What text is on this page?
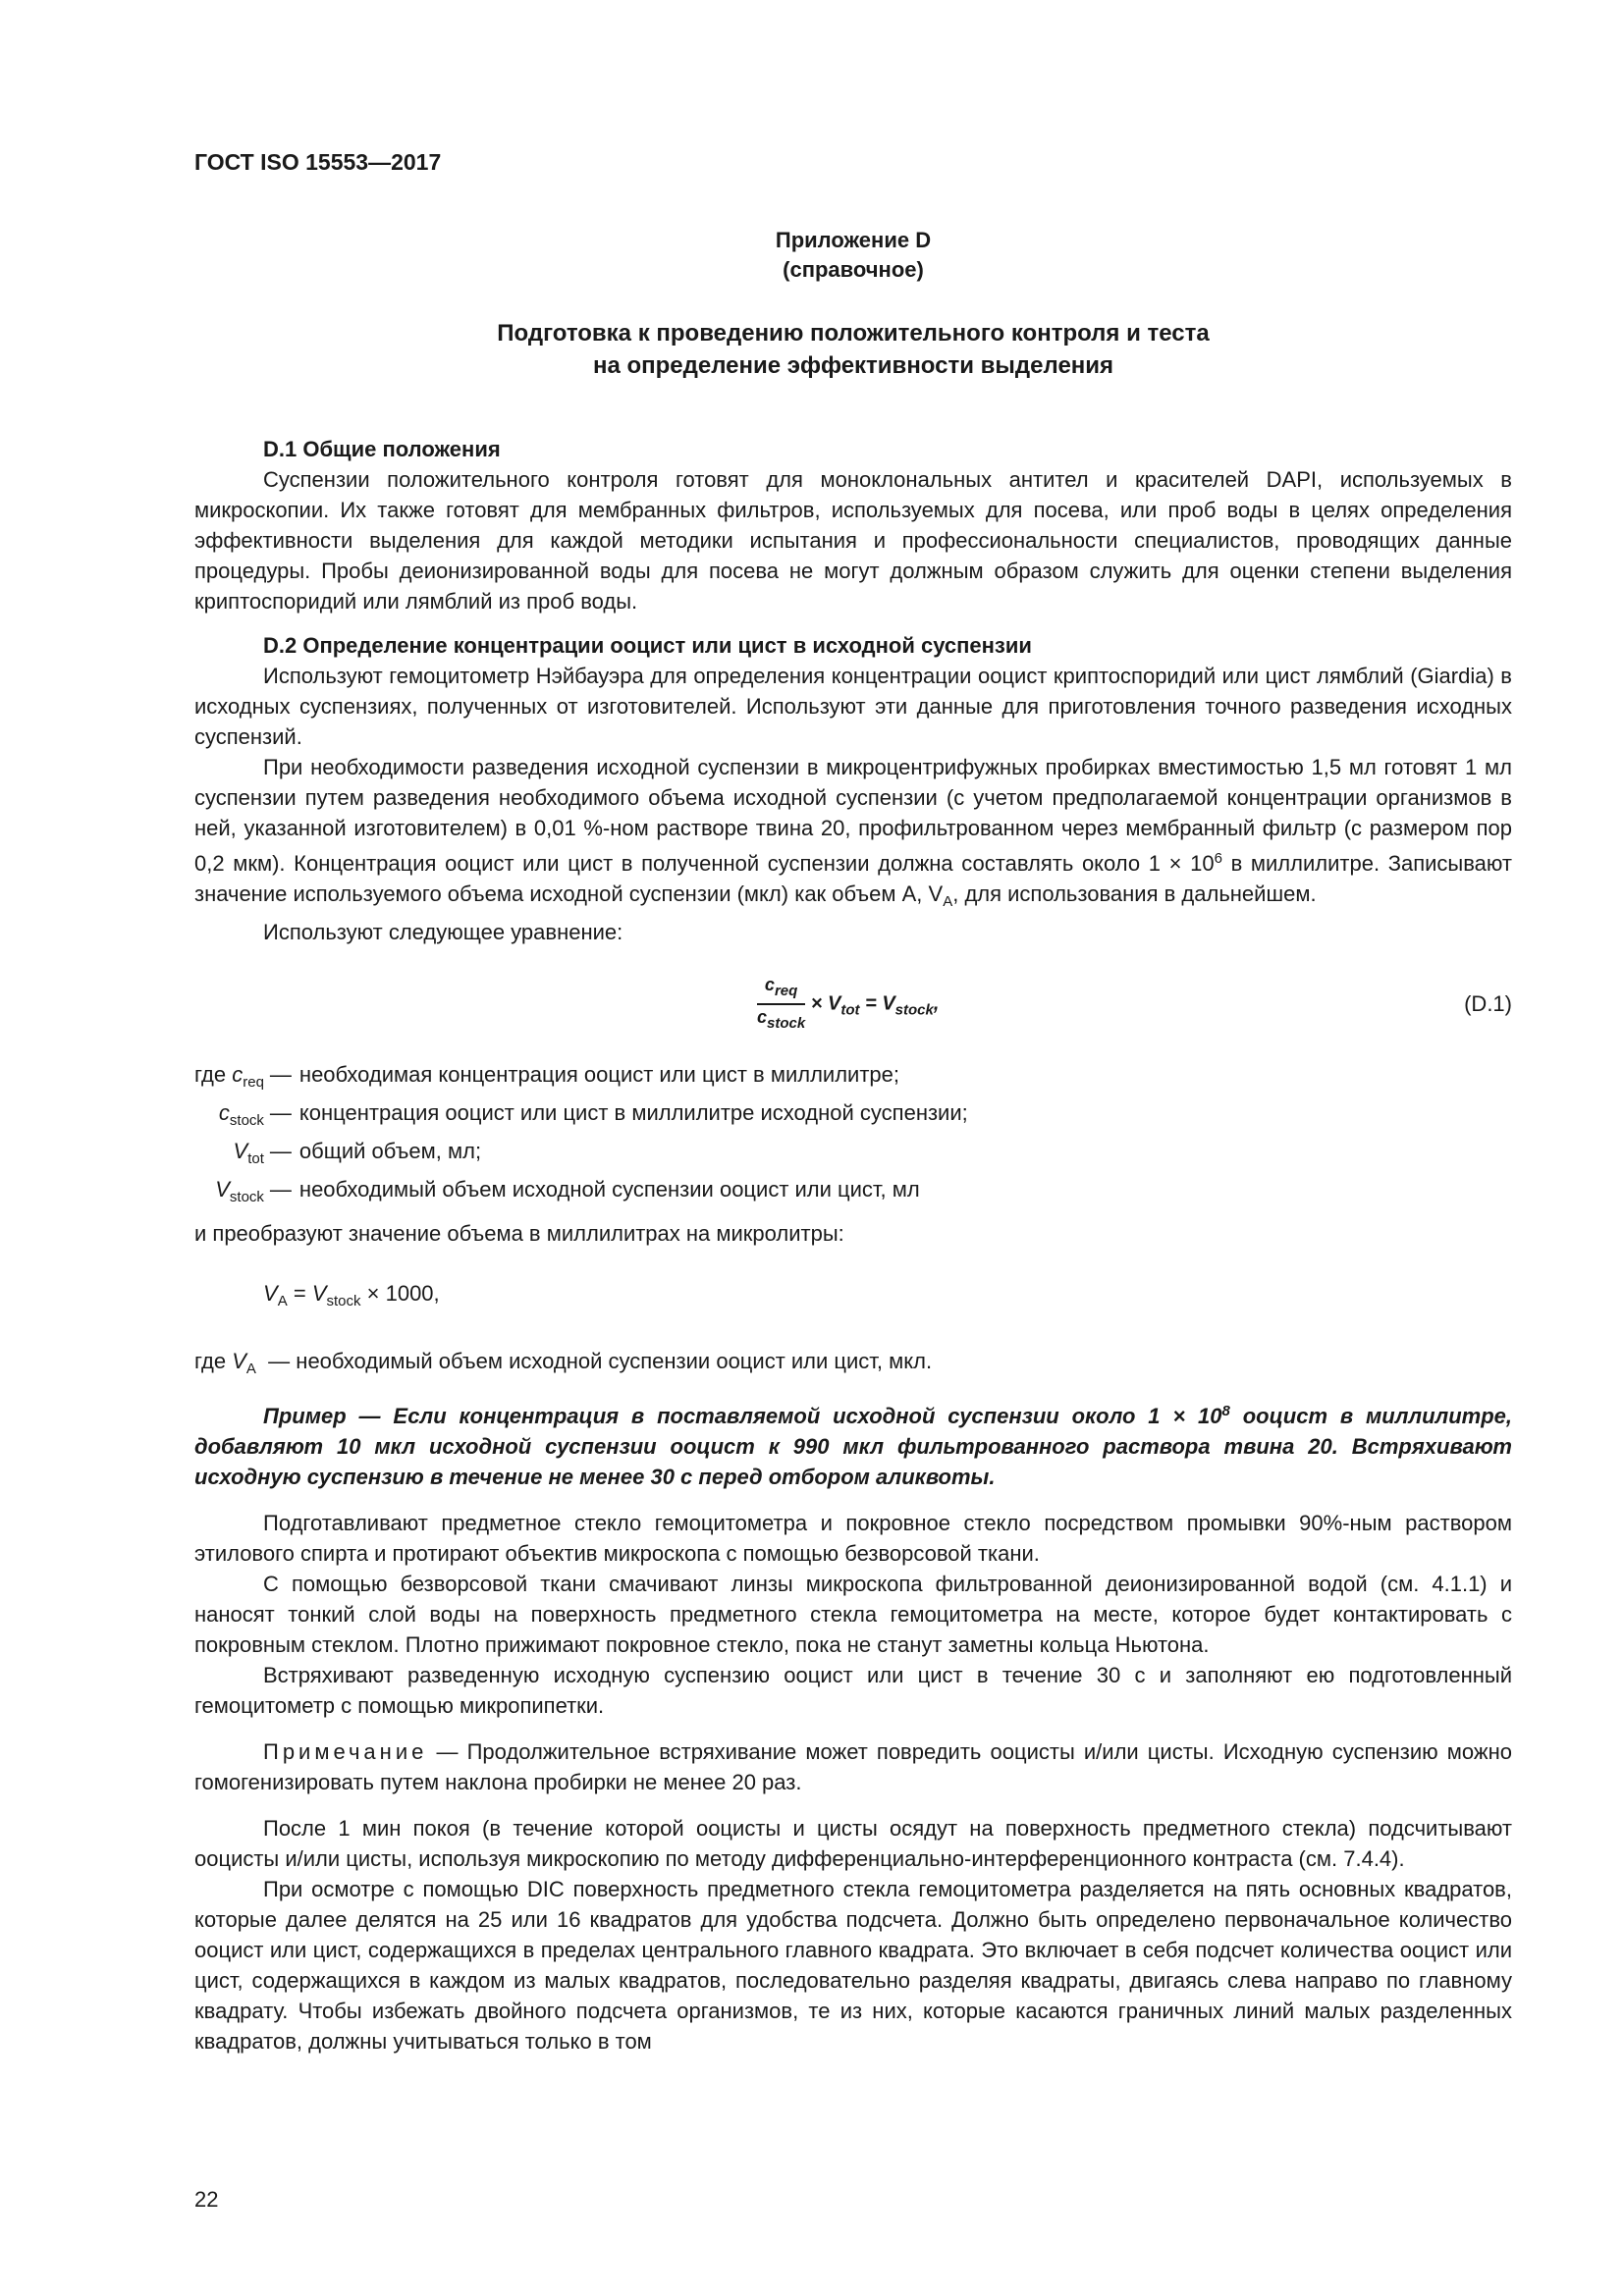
ГОСТ ISO 15553—2017
Приложение D
(справочное)
Подготовка к проведению положительного контроля и теста
на определение эффективности выделения

D.1 Общие положения

Суспензии положительного контроля готовят для моноклональных антител и красителей DAPI, используемых в микроскопии. Их также готовят для мембранных фильтров, используемых для посева, или проб воды в целях определения эффективности выделения для каждой методики испытания и профессиональности специалистов, проводящих данные процедуры. Пробы деионизированной воды для посева не могут должным образом служить для оценки степени выделения криптоспоридий или лямблий из проб воды.

D.2 Определение концентрации ооцист или цист в исходной суспензии

Используют гемоцитометр Нэйбауэра для определения концентрации ооцист криптоспоридий или цист лямблий (Giardia) в исходных суспензиях, полученных от изготовителей. Используют эти данные для приготовления точного разведения исходных суспензий.

При необходимости разведения исходной суспензии в микроцентрифужных пробирках вместимостью 1,5 мл готовят 1 мл суспензии путем разведения необходимого объема исходной суспензии (с учетом предполагаемой концентрации организмов в ней, указанной изготовителем) в 0,01 %-ном растворе твина 20, профильтрованном через мембранный фильтр (с размером пор 0,2 мкм). Концентрация ооцист или цист в полученной суспензии должна составлять около $1 \times 10^6$ в миллилитре. Записывают значение используемого объема исходной суспензии (мкл) как объем А, $V_A$, для использования в дальнейшем.

Используют следующее уравнение:

$\frac{c_{req}}{c_{stock}} \times V_{tot} = V_{stock}$,	(D.1)
где $c_{req}$	—	необходимая концентрация ооцист или цист в миллилитре;
$c_{stock}$	—	концентрация ооцист или цист в миллилитре исходной суспензии;
$V_{tot}$	—	общий объем, мл;
$V_{stock}$	—	необходимый объем исходной суспензии ооцист или цист, мл

и преобразуют значение объема в миллилитрах на микролитры:

$V_A = V_{stock} \times 1000$,

где $V_A$ — необходимый объем исходной суспензии ооцист или цист, мкл.

Пример — Если концентрация в поставляемой исходной суспензии около $1 \times 10^8$ ооцист в миллилитре, добавляют 10 мкл исходной суспензии ооцист к 990 мкл фильтрованного раствора твина 20. Встряхивают исходную суспензию в течение не менее 30 с перед отбором аликвоты.

Подготавливают предметное стекло гемоцитометра и покровное стекло посредством промывки 90%-ным раствором этилового спирта и протирают объектив микроскопа с помощью безворсовой ткани.

С помощью безворсовой ткани смачивают линзы микроскопа фильтрованной деионизированной водой (см. 4.1.1) и наносят тонкий слой воды на поверхность предметного стекла гемоцитометра на месте, которое будет контактировать с покровным стеклом. Плотно прижимают покровное стекло, пока не станут заметны кольца Ньютона.

Встряхивают разведенную исходную суспензию ооцист или цист в течение 30 с и заполняют ею подготовленный гемоцитометр с помощью микропипетки.

Примечание — Продолжительное встряхивание может повредить ооцисты и/или цисты. Исходную суспензию можно гомогенизировать путем наклона пробирки не менее 20 раз.

После 1 мин покоя (в течение которой ооцисты и цисты осядут на поверхность предметного стекла) подсчитывают ооцисты и/или цисты, используя микроскопию по методу дифференциально-интерференционного контраста (см. 7.4.4).

При осмотре с помощью DIC поверхность предметного стекла гемоцитометра разделяется на пять основных квадратов, которые далее делятся на 25 или 16 квадратов для удобства подсчета. Должно быть определено первоначальное количество ооцист или цист, содержащихся в пределах центрального главного квадрата. Это включает в себя подсчет количества ооцист или цист, содержащихся в каждом из малых квадратов, последовательно разделяя квадраты, двигаясь слева направо по главному квадрату. Чтобы избежать двойного подсчета организмов, те из них, которые касаются граничных линий малых разделенных квадратов, должны учитываться только в том

22
